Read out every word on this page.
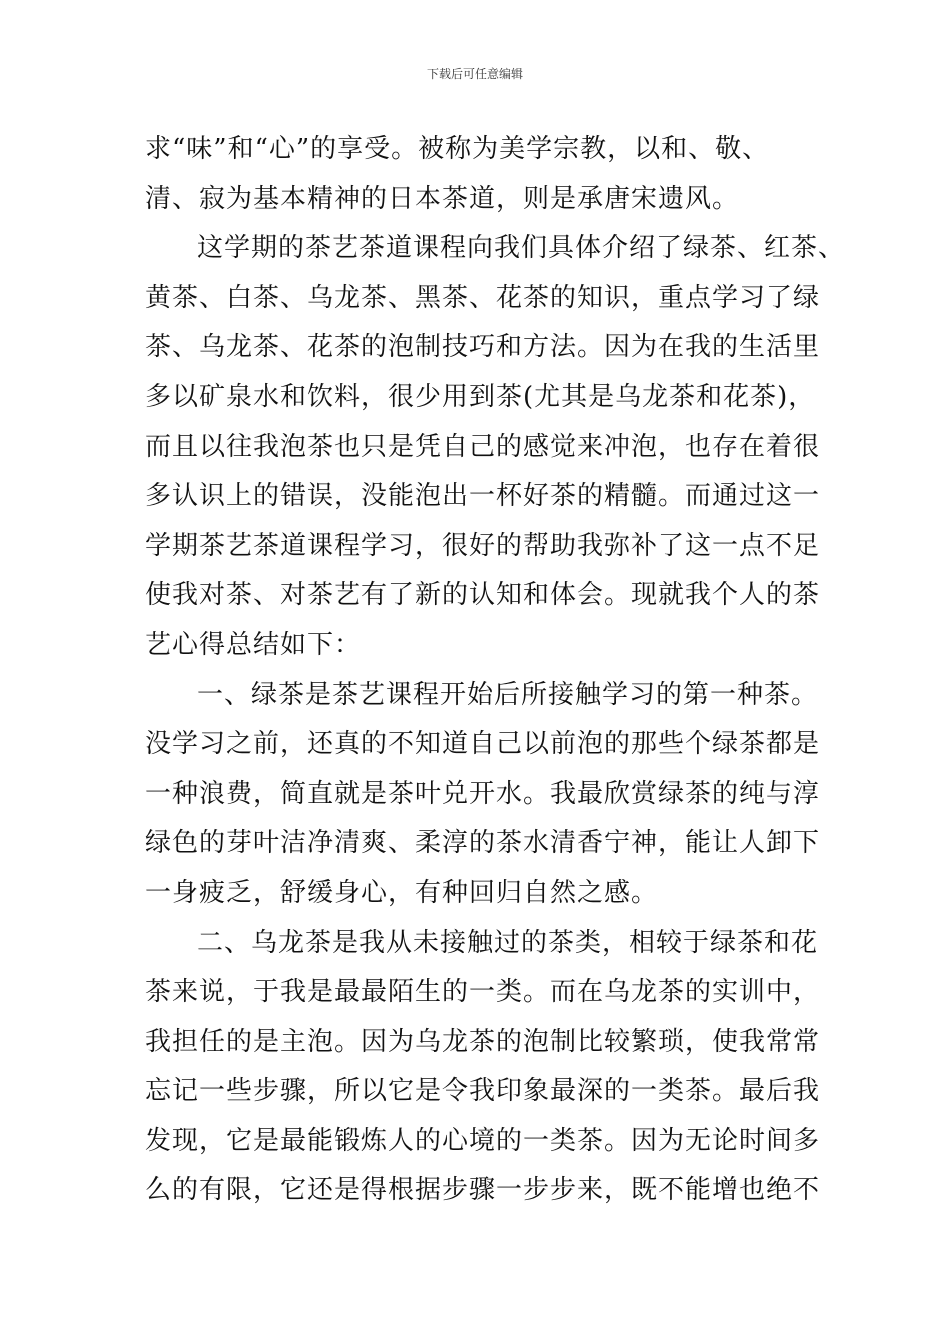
下载后可任意编辑
求“味”和“心”的享受。被称为美学宗教，以和、敬、
清、寂为基本精神的日本茶道，则是承唐宋遗风。
这学期的茶艺茶道课程向我们具体介绍了绿茶、红茶、
黄茶、白茶、乌龙茶、黑茶、花茶的知识，重点学习了绿
茶、乌龙茶、花茶的泡制技巧和方法。因为在我的生活里
多以矿泉水和饮料，很少用到茶(尤其是乌龙茶和花茶)，
而且以往我泡茶也只是凭自己的感觉来冲泡，也存在着很
多认识上的错误，没能泡出一杯好茶的精髓。而通过这一
学期茶艺茶道课程学习，很好的帮助我弥补了这一点不足
使我对茶、对茶艺有了新的认知和体会。现就我个人的茶
艺心得总结如下：
一、绿茶是茶艺课程开始后所接触学习的第一种茶。
没学习之前，还真的不知道自己以前泡的那些个绿茶都是
一种浪费，简直就是茶叶兑开水。我最欣赏绿茶的纯与淳
绿色的芽叶洁净清爽、柔淳的茶水清香宁神，能让人卸下
一身疲乏，舒缓身心，有种回归自然之感。
二、乌龙茶是我从未接触过的茶类，相较于绿茶和花
茶来说，于我是最最陌生的一类。而在乌龙茶的实训中，
我担任的是主泡。因为乌龙茶的泡制比较繁琐，使我常常
忘记一些步骤，所以它是令我印象最深的一类茶。最后我
发现，它是最能锻炼人的心境的一类茶。因为无论时间多
么的有限，它还是得根据步骤一步步来，既不能增也绝不
